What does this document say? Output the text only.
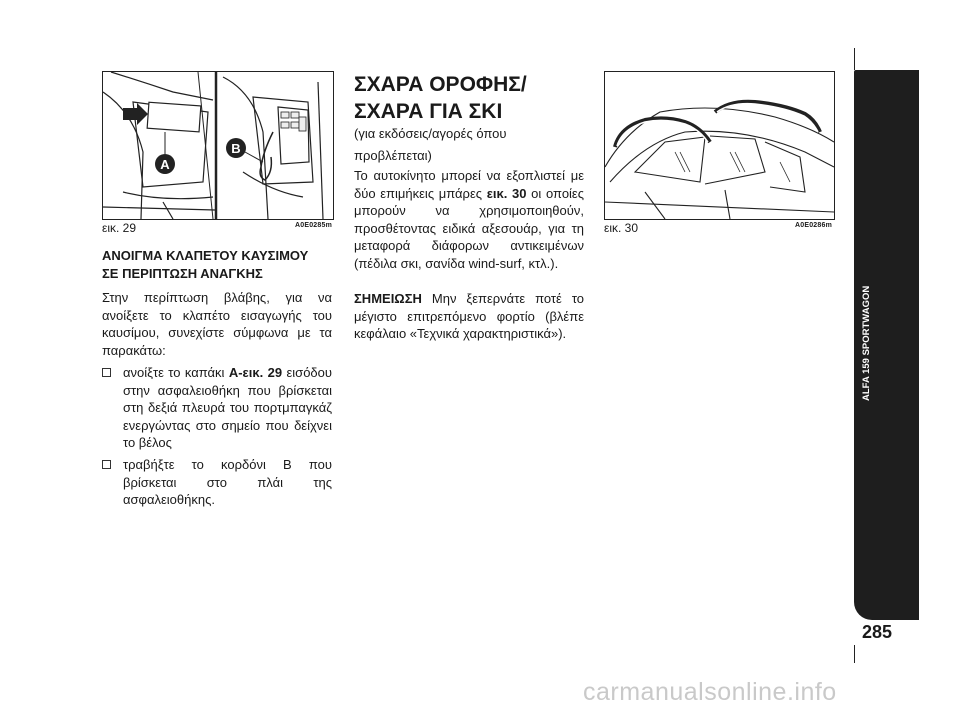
A
B
εικ. 29	A0E0285m
ΑΝΟΙΓΜΑ ΚΛΑΠΕΤΟΥ ΚΑΥΣΙΜΟΥ
ΣΕ ΠΕΡΙΠΤΩΣΗ ΑΝΑΓΚΗΣ

Στην περίπτωση βλάβης, για να ανοίξετε το κλαπέτο εισαγωγής του καυσίμου, συνεχίστε σύμφωνα με τα παρακάτω:

ανοίξτε το καπάκι A-εικ. 29 εισόδου στην ασφαλειοθήκη που βρίσκεται στη δεξιά πλευρά του πορτμπαγκάζ ενεργώντας στο σημείο που δείχνει το βέλος
τραβήξτε το κορδόνι B που βρίσκεται στο πλάι της ασφαλειοθήκης.
ΣΧΑΡΑ ΟΡΟΦΗΣ/
ΣΧΑΡΑ ΓΙΑ ΣΚΙ

(για εκδόσεις/αγορές όπου προβλέπεται)

Το αυτοκίνητο μπορεί να εξοπλιστεί με δύο επιμήκεις μπάρες εικ. 30 οι οποίες μπορούν να χρησιμοποιηθούν, προσθέτοντας ειδικά αξεσουάρ, για τη μεταφορά διάφορων αντικειμένων (πέδιλα σκι, σανίδα wind-surf, κτλ.).

ΣΗΜΕΙΩΣΗ Μην ξεπερνάτε ποτέ το μέγιστο επιτρεπόμενο φορτίο (βλέπε κεφάλαιο «Τεχνικά χαρακτηριστικά»).

εικ. 30	A0E0286m
ALFA 159 SPORTWAGON
285
carmanualsonline.info
